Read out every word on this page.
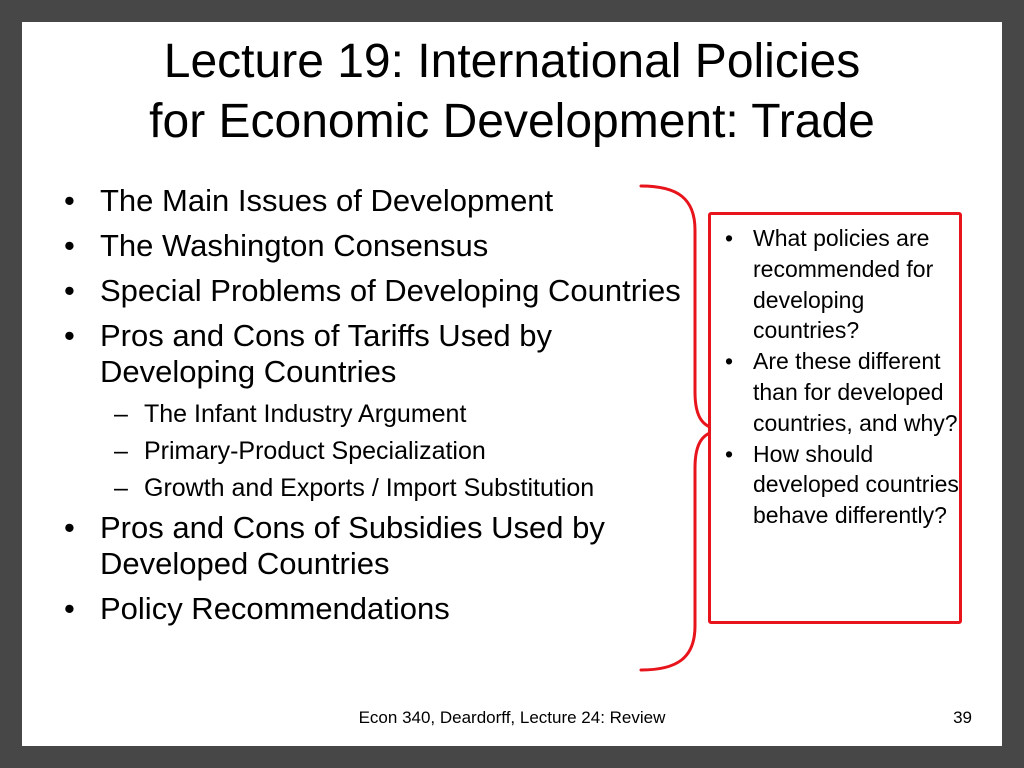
Lecture 19: International Policies
for Economic Development: Trade
• The Main Issues of Development
• The Washington Consensus
• Special Problems of Developing Countries
• Pros and Cons of Tariffs Used by Developing Countries
– The Infant Industry Argument
– Primary-Product Specialization
– Growth and Exports / Import Substitution
• Pros and Cons of Subsidies Used by Developed Countries
• Policy Recommendations
• What policies are recommended for developing countries?
• Are these different than for developed countries, and why?
• How should developed countries behave differently?
Econ 340, Deardorff, Lecture 24: Review	39
